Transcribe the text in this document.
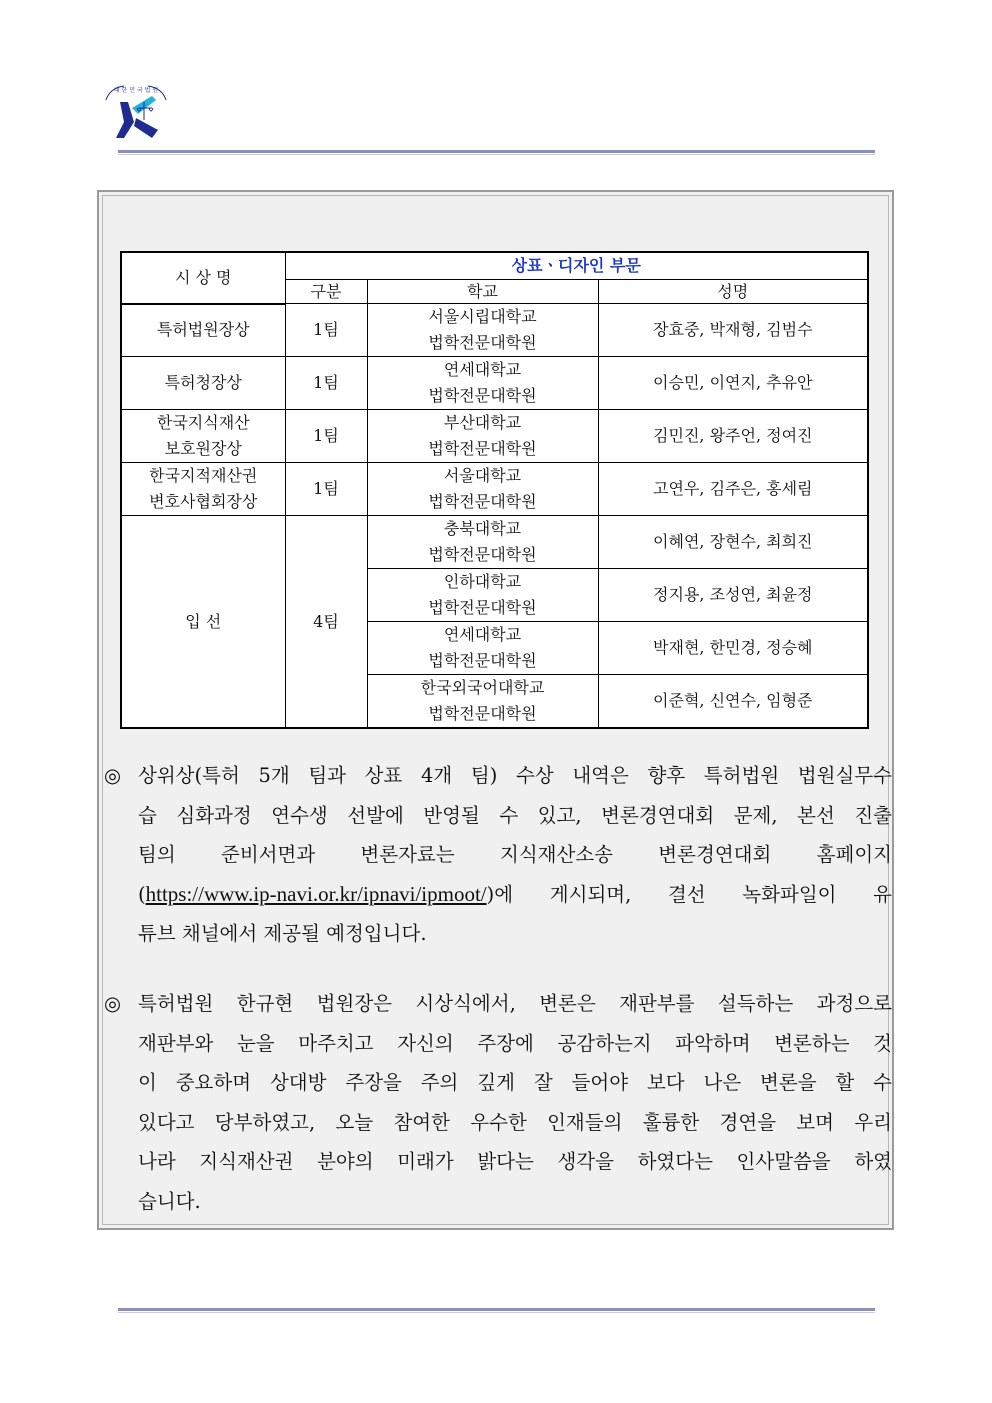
대 한 민 국 법 원
시 상 명	상표ㆍ디자인 부문		
	구분	학교	성명
특허법원장상	1팀	서울시립대학교
법학전문대학원	장효중, 박재형, 김범수
특허청장상	1팀	연세대학교
법학전문대학원	이승민, 이연지, 추유안

한국지식재산
보호원장상	1팀	부산대학교
법학전문대학원	김민진, 왕주언, 정여진

한국지적재산권
변호사협회장상	1팀	서울대학교
법학전문대학원	고연우, 김주은, 홍세림
입 선	4팀	충북대학교
법학전문대학원	이혜연, 장현수, 최희진

		인하대학교
법학전문대학원	정지용, 조성연, 최윤정

		연세대학교
법학전문대학원	박재현, 한민경, 정승혜

		한국외국어대학교
법학전문대학원	이준혁, 신연수, 임형준
◎ 상위상(특허 5개 팀과 상표 4개 팀) 수상 내역은 향후 특허법원 법원실무수
습 심화과정 연수생 선발에 반영될 수 있고, 변론경연대회 문제, 본선 진출
팀의 준비서면과 변론자료는 지식재산소송 변론경연대회 홈페이지
(https://www.ip-navi.or.kr/ipnavi/ipmoot/)에 게시되며, 결선 녹화파일이 유
튜브 채널에서 제공될 예정입니다.
◎ 특허법원 한규현 법원장은 시상식에서, 변론은 재판부를 설득하는 과정으로
재판부와 눈을 마주치고 자신의 주장에 공감하는지 파악하며 변론하는 것
이 중요하며 상대방 주장을 주의 깊게 잘 들어야 보다 나은 변론을 할 수
있다고 당부하였고, 오늘 참여한 우수한 인재들의 훌륭한 경연을 보며 우리
나라 지식재산권 분야의 미래가 밝다는 생각을 하였다는 인사말씀을 하였
습니다.
